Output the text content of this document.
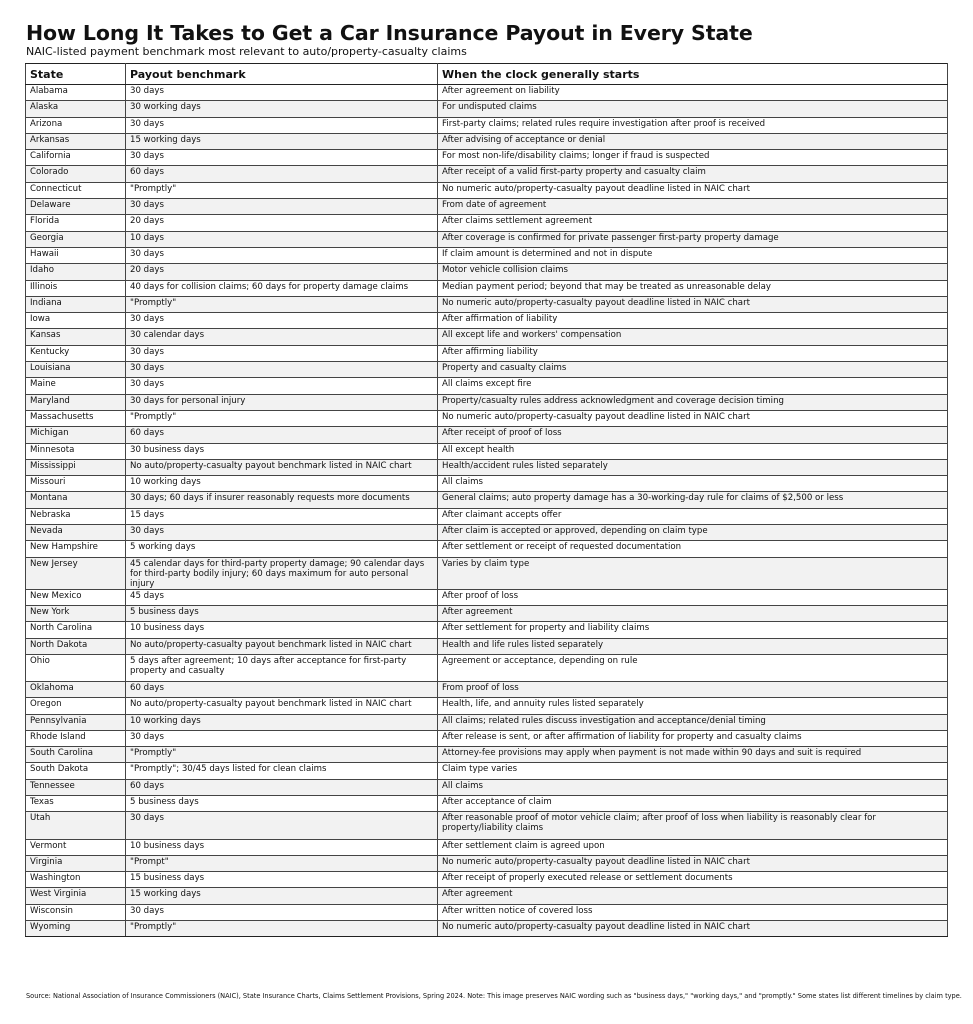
How Long It Takes to Get a Car Insurance Payout in Every State
NAIC-listed payment benchmark most relevant to auto/property-casualty claims
State	Payout benchmark	When the clock generally starts
Alabama	30 days	After agreement on liability
Alaska	30 working days	For undisputed claims
Arizona	30 days	First-party claims; related rules require investigation after proof is received
Arkansas	15 working days	After advising of acceptance or denial
California	30 days	For most non-life/disability claims; longer if fraud is suspected
Colorado	60 days	After receipt of a valid first-party property and casualty claim
Connecticut	"Promptly"	No numeric auto/property-casualty payout deadline listed in NAIC chart
Delaware	30 days	From date of agreement
Florida	20 days	After claims settlement agreement
Georgia	10 days	After coverage is confirmed for private passenger first-party property damage
Hawaii	30 days	If claim amount is determined and not in dispute
Idaho	20 days	Motor vehicle collision claims
Illinois	40 days for collision claims; 60 days for property damage claims	Median payment period; beyond that may be treated as unreasonable delay
Indiana	"Promptly"	No numeric auto/property-casualty payout deadline listed in NAIC chart
Iowa	30 days	After affirmation of liability
Kansas	30 calendar days	All except life and workers' compensation
Kentucky	30 days	After affirming liability
Louisiana	30 days	Property and casualty claims
Maine	30 days	All claims except fire
Maryland	30 days for personal injury	Property/casualty rules address acknowledgment and coverage decision timing
Massachusetts	"Promptly"	No numeric auto/property-casualty payout deadline listed in NAIC chart
Michigan	60 days	After receipt of proof of loss
Minnesota	30 business days	All except health
Mississippi	No auto/property-casualty payout benchmark listed in NAIC chart	Health/accident rules listed separately
Missouri	10 working days	All claims
Montana	30 days; 60 days if insurer reasonably requests more documents	General claims; auto property damage has a 30-working-day rule for claims of $2,500 or less
Nebraska	15 days	After claimant accepts offer
Nevada	30 days	After claim is accepted or approved, depending on claim type
New Hampshire	5 working days	After settlement or receipt of requested documentation
New Jersey	45 calendar days for third-party property damage; 90 calendar days for third-party bodily injury; 60 days maximum for auto personal injury	Varies by claim type
New Mexico	45 days	After proof of loss
New York	5 business days	After agreement
North Carolina	10 business days	After settlement for property and liability claims
North Dakota	No auto/property-casualty payout benchmark listed in NAIC chart	Health and life rules listed separately
Ohio	5 days after agreement; 10 days after acceptance for first-party property and casualty	Agreement or acceptance, depending on rule
Oklahoma	60 days	From proof of loss
Oregon	No auto/property-casualty payout benchmark listed in NAIC chart	Health, life, and annuity rules listed separately
Pennsylvania	10 working days	All claims; related rules discuss investigation and acceptance/denial timing
Rhode Island	30 days	After release is sent, or after affirmation of liability for property and casualty claims
South Carolina	"Promptly"	Attorney-fee provisions may apply when payment is not made within 90 days and suit is required
South Dakota	"Promptly"; 30/45 days listed for clean claims	Claim type varies
Tennessee	60 days	All claims
Texas	5 business days	After acceptance of claim
Utah	30 days	After reasonable proof of motor vehicle claim; after proof of loss when liability is reasonably clear for property/liability claims
Vermont	10 business days	After settlement claim is agreed upon
Virginia	"Prompt"	No numeric auto/property-casualty payout deadline listed in NAIC chart
Washington	15 business days	After receipt of properly executed release or settlement documents
West Virginia	15 working days	After agreement
Wisconsin	30 days	After written notice of covered loss
Wyoming	"Promptly"	No numeric auto/property-casualty payout deadline listed in NAIC chart
Source: National Association of Insurance Commissioners (NAIC), State Insurance Charts, Claims Settlement Provisions, Spring 2024. Note: This image preserves NAIC wording such as "business days," "working days," and "promptly." Some states list different timelines by claim type.
